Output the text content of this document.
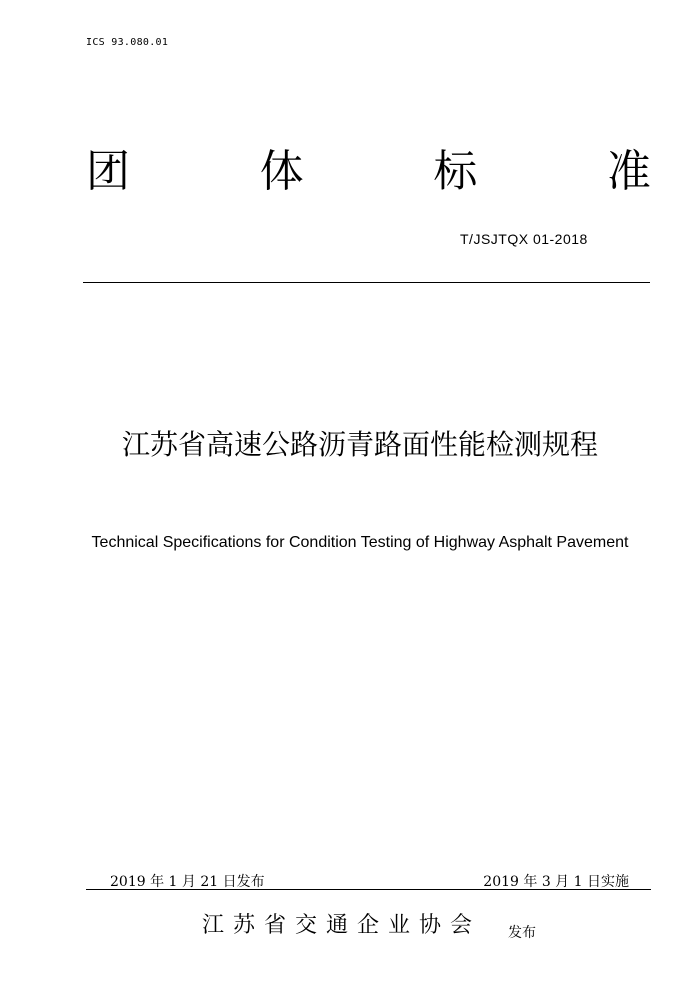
ICS 93.080.01
团	体	标	准
T/JSJTQX 01-2018
江苏省高速公路沥青路面性能检测规程
Technical Specifications for Condition Testing of Highway Asphalt Pavement
2019 年 1 月 21 日发布	2019 年 3 月 1 日实施
江苏省交通企业协会 发布
